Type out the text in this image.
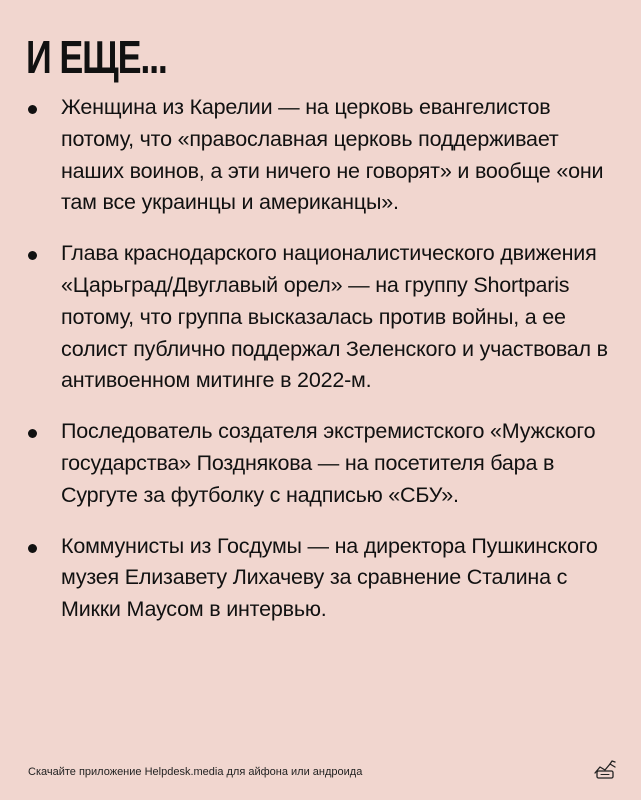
И ЕЩЕ...
Женщина из Карелии — на церковь евангелистов потому, что «православная церковь поддерживает наших воинов, а эти ничего не говорят» и вообще «они там все украинцы и американцы».
Глава краснодарского националистического движения «Царьград/Двуглавый орел» — на группу Shortparis потому, что группа высказалась против войны, а ее солист публично поддержал Зеленского и участвовал в антивоенном митинге в 2022-м.
Последователь создателя экстремистского «Мужского государства» Позднякова — на посетителя бара в Сургуте за футболку с надписью «СБУ».
Коммунисты из Госдумы — на директора Пушкинского музея Елизавету Лихачеву за сравнение Сталина с Микки Маусом в интервью.
Скачайте приложение Helpdesk.media для айфона или андроида
